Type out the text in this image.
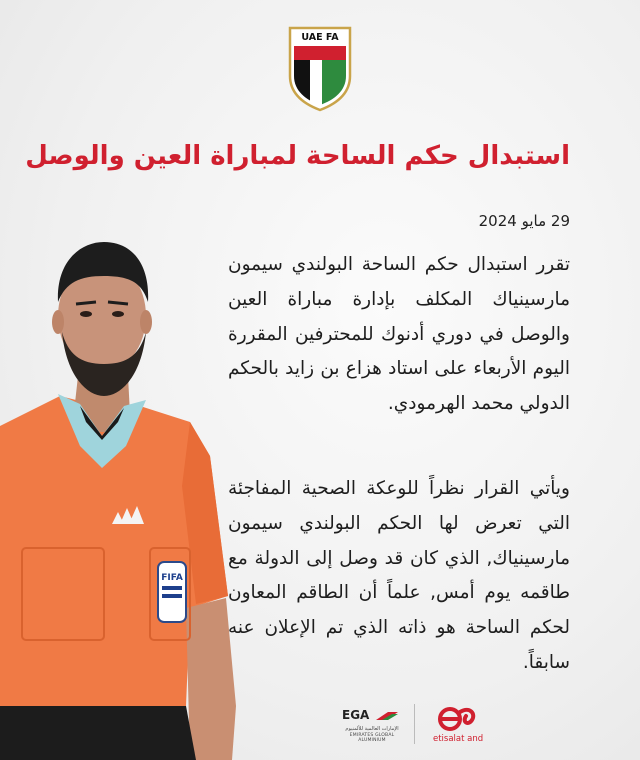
UAE FA
استبدال حكم الساحة لمباراة العين والوصل
29 مايو 2024
تقرر استبدال حكم الساحة البولندي سيمون مارسينياك المكلف بإدارة مباراة العين والوصل في دوري أدنوك للمحترفين المقررة اليوم الأربعاء على استاد هزاع بن زايد بالحكم الدولي محمد الهرمودي.
ويأتي القرار نظراً للوعكة الصحية المفاجئة التي تعرض لها الحكم البولندي سيمون مارسينياك, الذي كان قد وصل إلى الدولة مع طاقمه يوم أمس, علماً أن الطاقم المعاون لحكم الساحة هو ذاته الذي تم الإعلان عنه سابقاً.
FIFA
EGA
الإمارات العالمية للألمنيوم
EMIRATES GLOBAL ALUMINIUM	etisalat and
